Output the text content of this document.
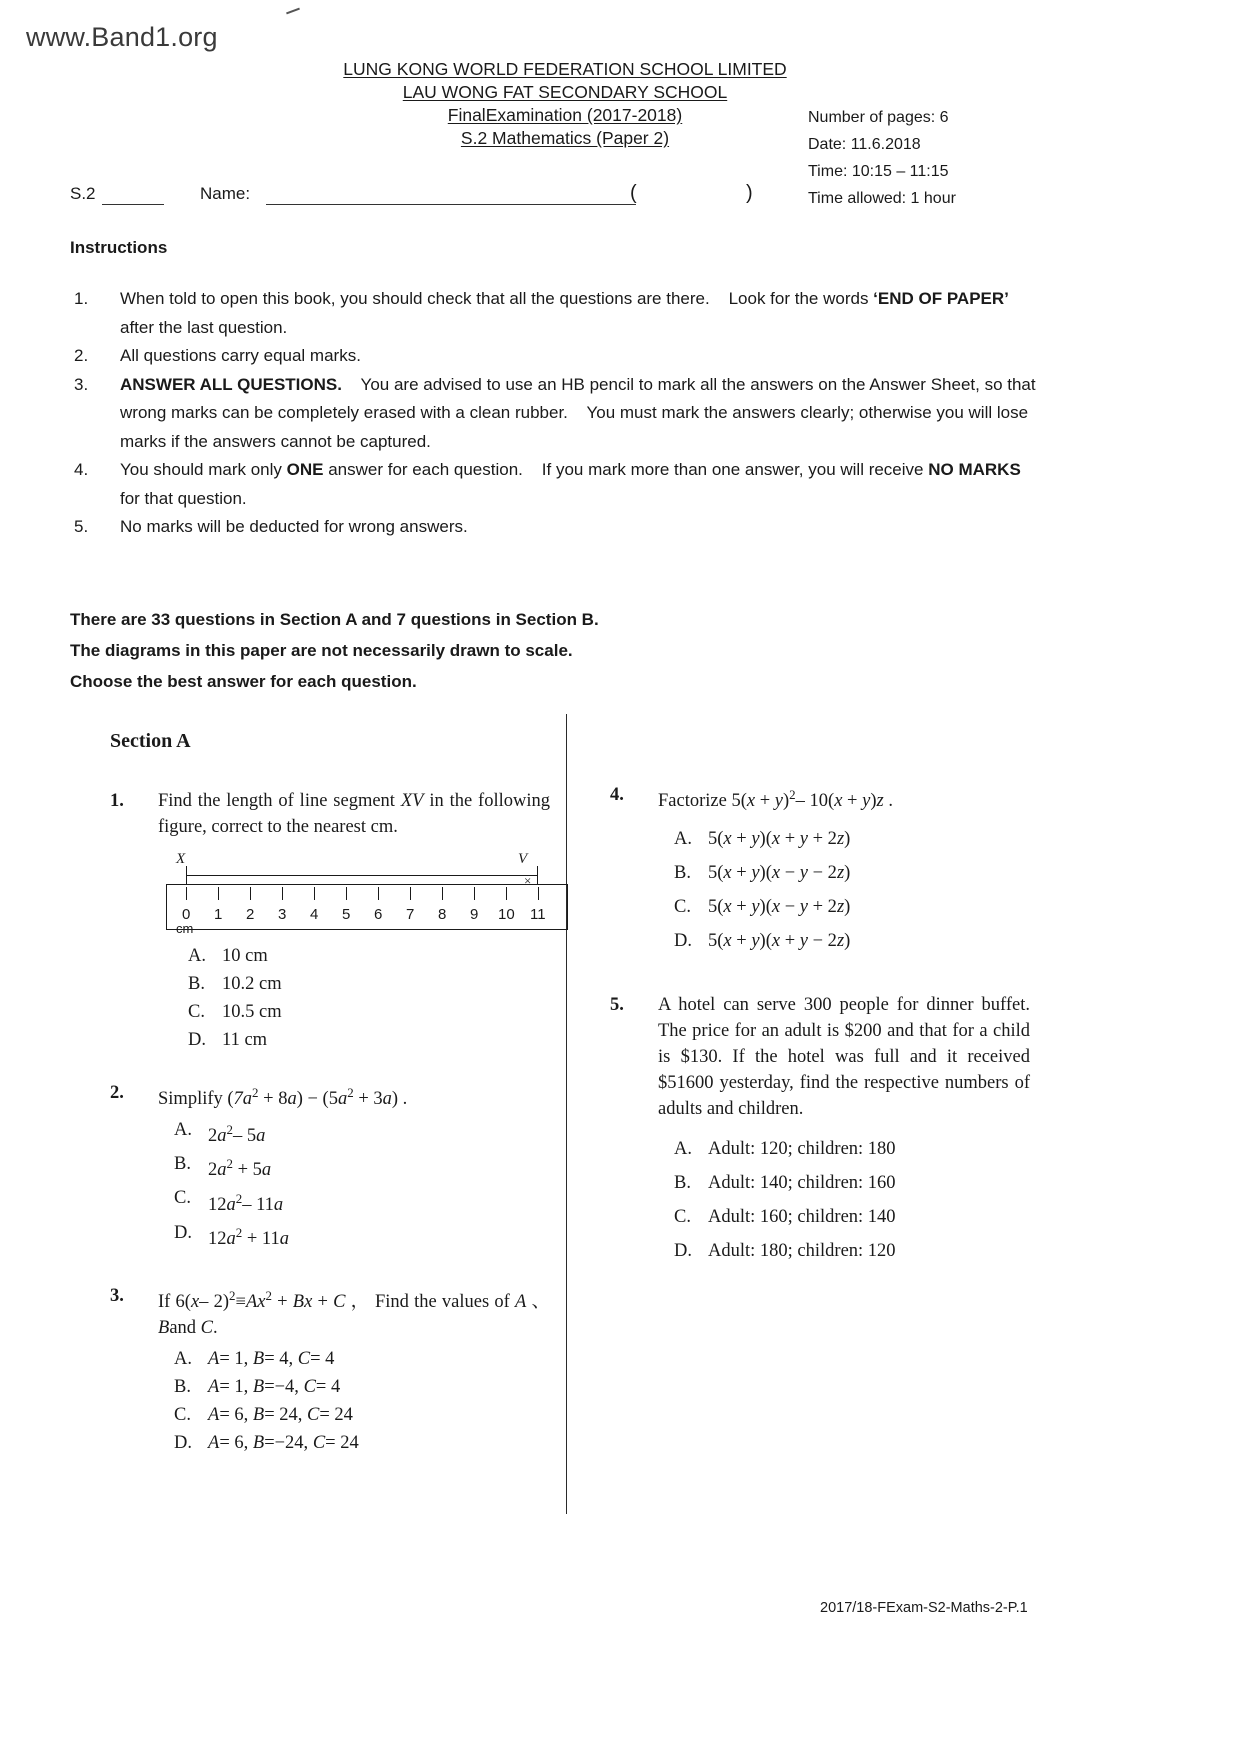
www.Band1.org
LUNG KONG WORLD FEDERATION SCHOOL LIMITED
LAU WONG FAT SECONDARY SCHOOL
FinalExamination (2017-2018)
S.2 Mathematics (Paper 2)
Number of pages: 6
Date: 11.6.2018
Time: 10:15 – 11:15
Time allowed: 1 hour
S.2	Name:	(	)
Instructions
1. When told to open this book, you should check that all the questions are there.    Look for the words ‘END OF PAPER’ after the last question.
2. All questions carry equal marks.
3. ANSWER ALL QUESTIONS.    You are advised to use an HB pencil to mark all the answers on the Answer Sheet, so that wrong marks can be completely erased with a clean rubber.    You must mark the answers clearly; otherwise you will lose marks if the answers cannot be captured.
4. You should mark only ONE answer for each question.    If you mark more than one answer, you will receive NO MARKS for that question.
5. No marks will be deducted for wrong answers.
There are 33 questions in Section A and 7 questions in Section B.
The diagrams in this paper are not necessarily drawn to scale.
Choose the best answer for each question.
Section A
1. Find the length of line segment XV in the following figure, correct to the nearest cm.
X	V
×
cm
0 1 2 3 4 5 6 7 8 9 10 11
A. 10 cm
B. 10.2 cm
C. 10.5 cm
D. 11 cm
2. Simplify $(7a^2 + 8a) - (5a^2 + 3a)$ .
A. $2a^2-$ 5a
B. $2a^2 + 5a$
C. $12a^2-$ 11a
D. $12a^2 + 11a$
3. If 6(x– $2)^2\equiv Ax^2 + Bx + C$ ， Find the values of A 、 Band C.
A. A= 1, B= 4, C= 4
B. A= 1, B=−4, C= 4
C. A= 6, B= 24, C= 24
D. A= 6, B=−24, C= 24
4. Factorize $5(x + y)^2-$ 10(x + y)z .
A. 5(x + y)(x + y + 2z)
B. 5(x + y)(x − y − 2z)
C. 5(x + y)(x − y + 2z)
D. 5(x + y)(x + y − 2z)
5. A hotel can serve 300 people for dinner buffet. The price for an adult is $200 and that for a child is $130. If the hotel was full and it received $51600 yesterday, find the respective numbers of adults and children.
A. Adult: 120; children: 180
B. Adult: 140; children: 160
C. Adult: 160; children: 140
D. Adult: 180; children: 120
2017/18-FExam-S2-Maths-2-P.1
